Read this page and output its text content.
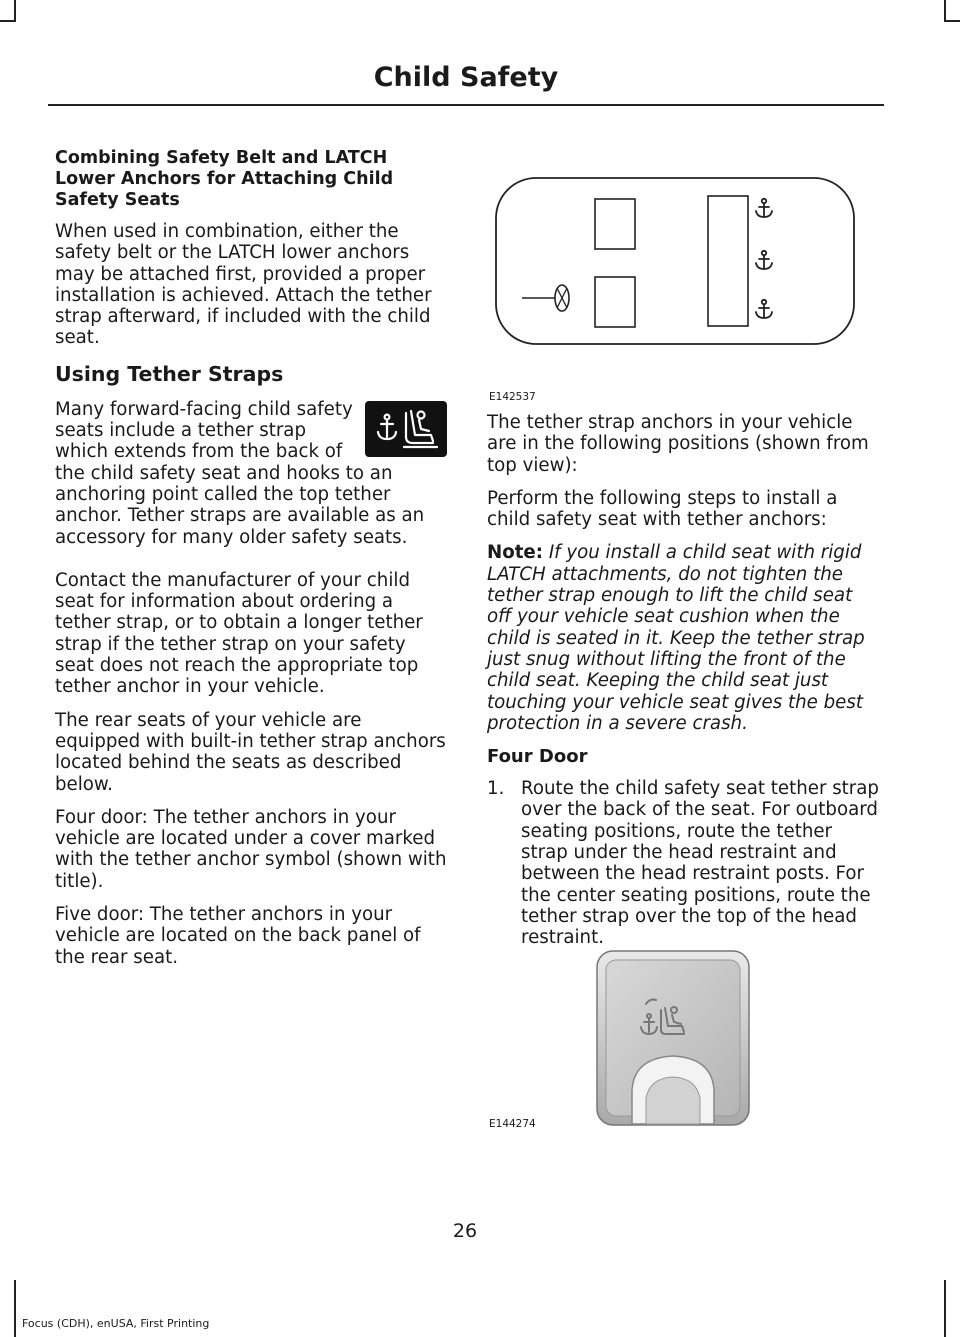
Child Safety
Combining Safety Belt and LATCH Lower Anchors for Attaching Child Safety Seats

When used in combination, either the safety belt or the LATCH lower anchors may be attached first, provided a proper installation is achieved. Attach the tether strap afterward, if included with the child seat.

Using Tether Straps

Many forward-facing child safety seats include a tether strap which extends from the back of the child safety seat and hooks to an anchoring point called the top tether anchor. Tether straps are available as an accessory for many older safety seats.

Contact the manufacturer of your child seat for information about ordering a tether strap, or to obtain a longer tether strap if the tether strap on your safety seat does not reach the appropriate top tether anchor in your vehicle.

The rear seats of your vehicle are equipped with built-in tether strap anchors located behind the seats as described below.

Four door: The tether anchors in your vehicle are located under a cover marked with the tether anchor symbol (shown with title).

Five door: The tether anchors in your vehicle are located on the back panel of the rear seat.

E142537

The tether strap anchors in your vehicle are in the following positions (shown from top view):

Perform the following steps to install a child safety seat with tether anchors:

Note: If you install a child seat with rigid LATCH attachments, do not tighten the tether strap enough to lift the child seat off your vehicle seat cushion when the child is seated in it. Keep the tether strap just snug without lifting the front of the child seat. Keeping the child seat just touching your vehicle seat gives the best protection in a severe crash.

Four Door

1. Route the child safety seat tether strap over the back of the seat. For outboard seating positions, route the tether strap under the head restraint and between the head restraint posts. For the center seating positions, route the tether strap over the top of the head restraint.

E144274
26
Focus (CDH), enUSA, First Printing
